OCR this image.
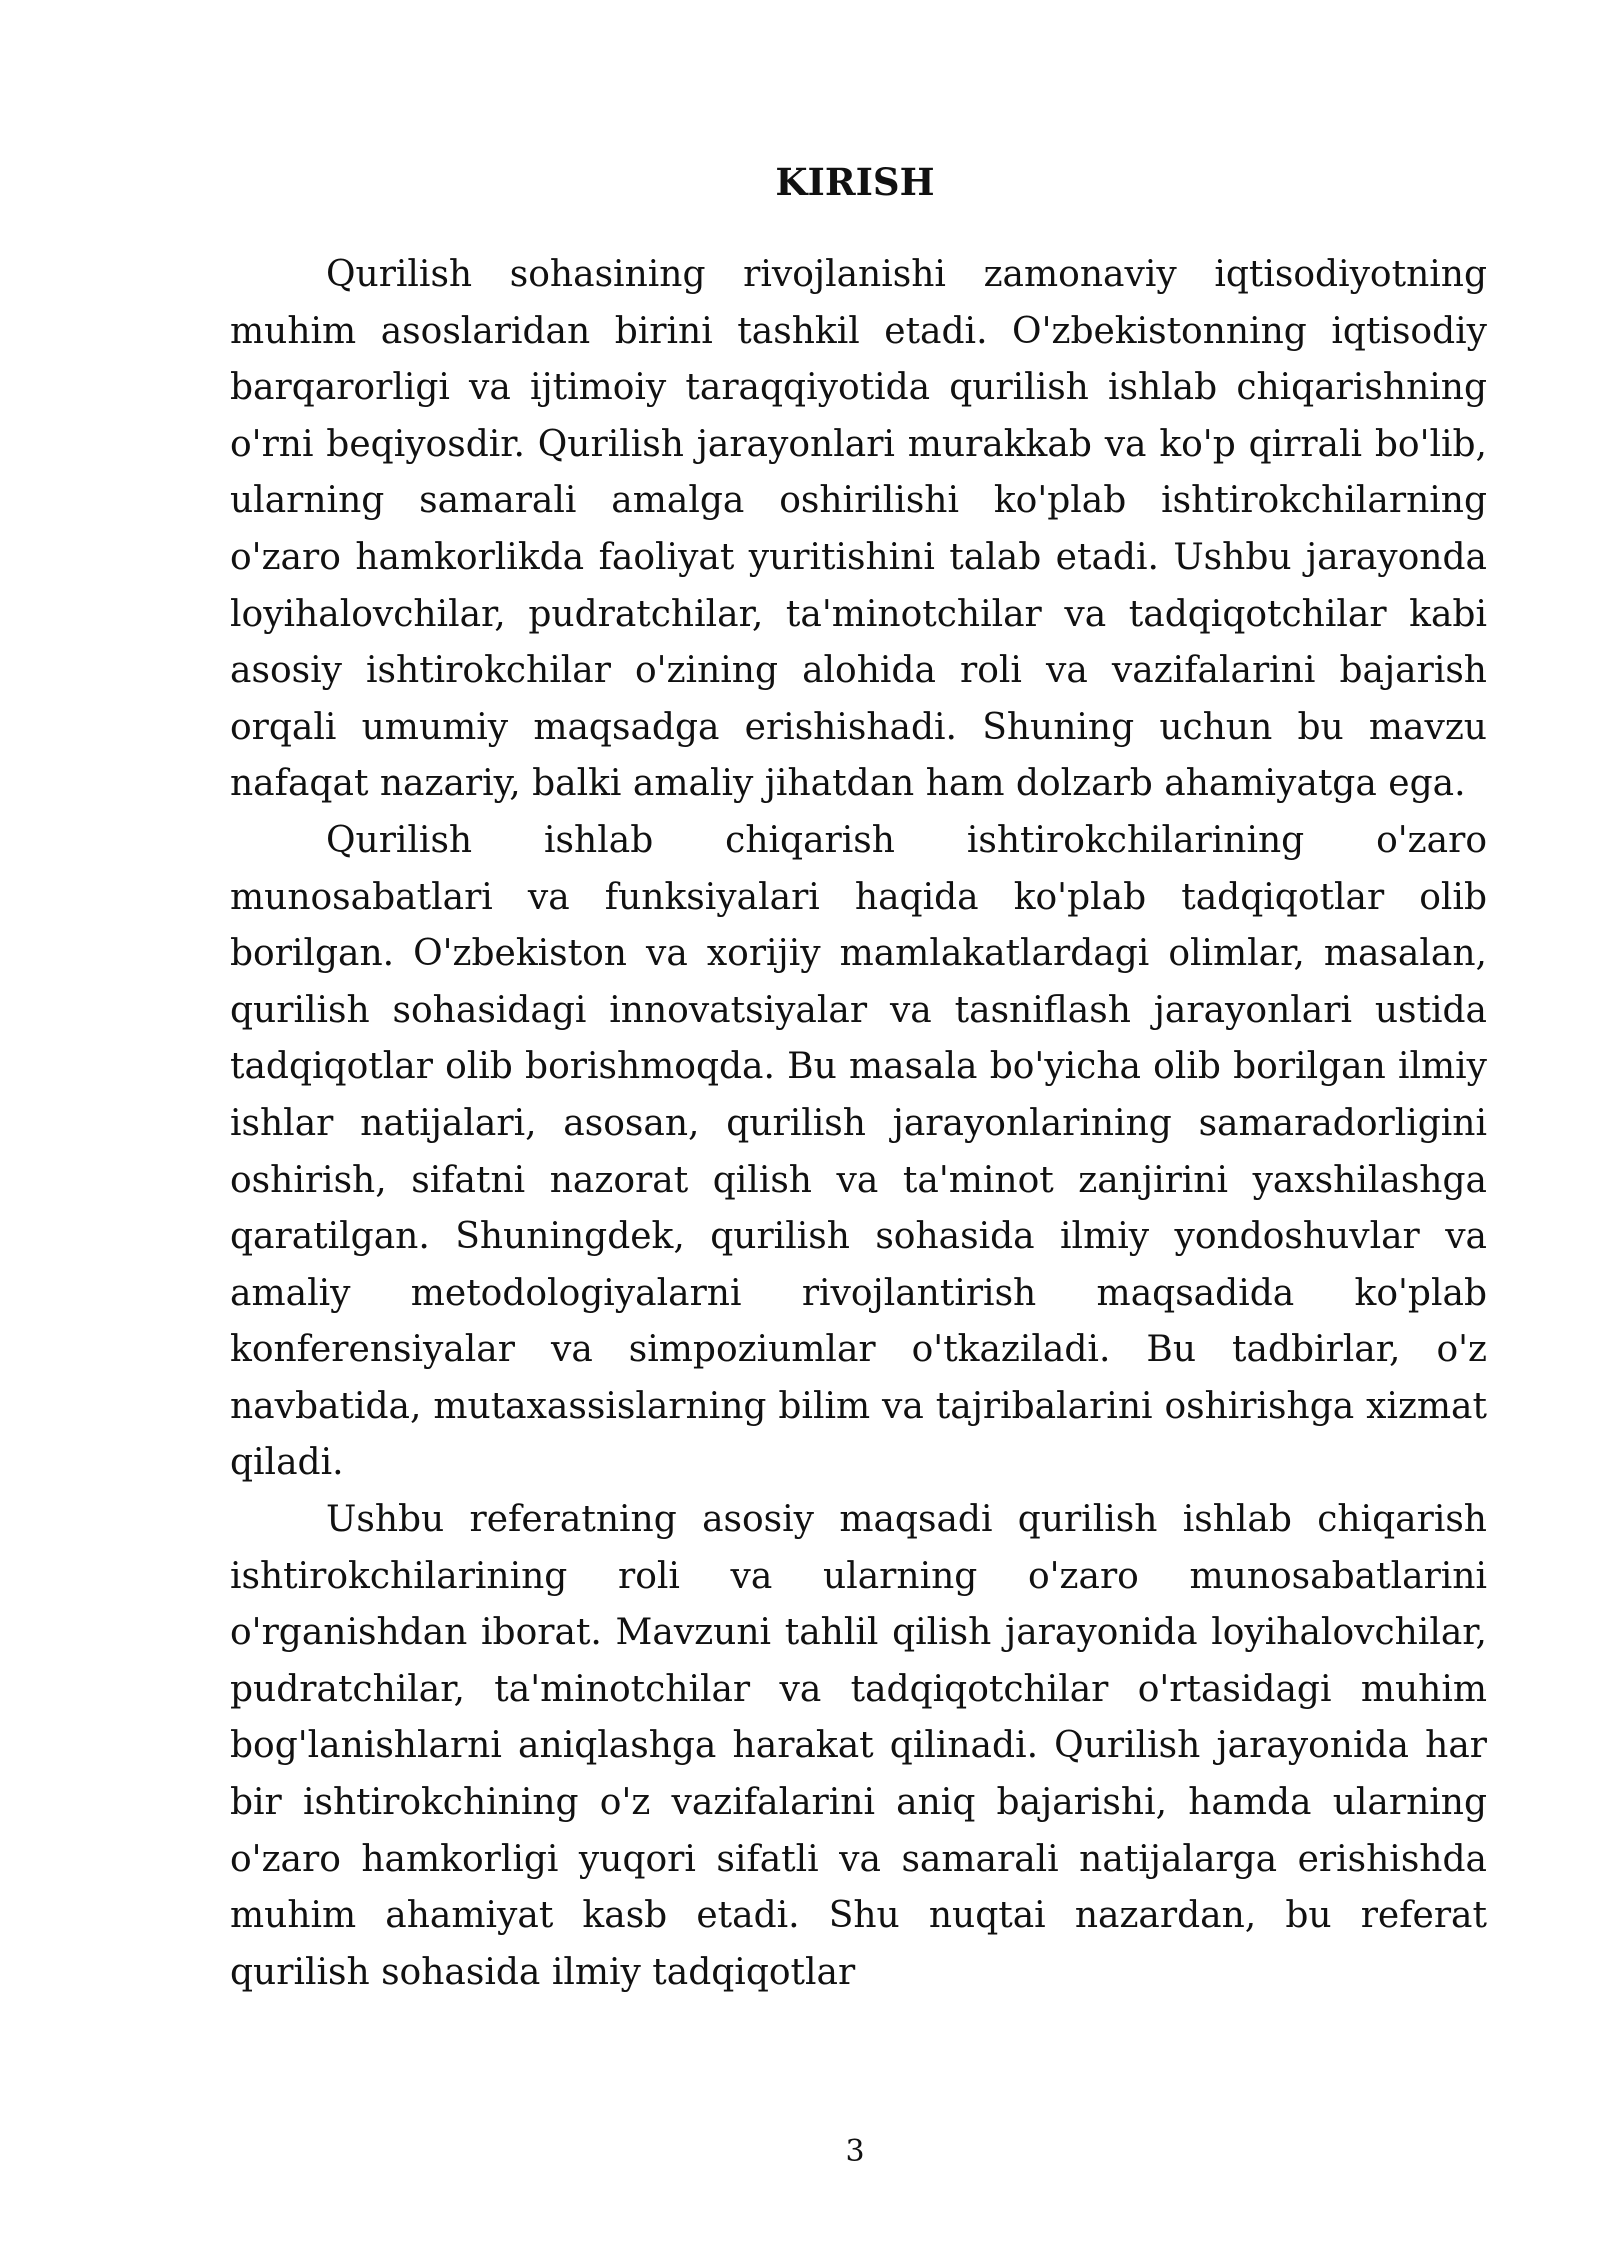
KIRISH

Qurilish sohasining rivojlanishi zamonaviy iqtisodiyotning muhim asoslaridan birini tashkil etadi. O'zbekistonning iqtisodiy barqarorligi va ijtimoiy taraqqiyotida qurilish ishlab chiqarishning o'rni beqiyosdir. Qurilish jarayonlari murakkab va ko'p qirrali bo'lib, ularning samarali amalga oshirilishi ko'plab ishtirokchilarning o'zaro hamkorlikda faoliyat yuritishini talab etadi. Ushbu jarayonda loyihalovchilar, pudratchilar, ta'minotchilar va tadqiqotchilar kabi asosiy ishtirokchilar o'zining alohida roli va vazifalarini bajarish orqali umumiy maqsadga erishishadi. Shuning uchun bu mavzu nafaqat nazariy, balki amaliy jihatdan ham dolzarb ahamiyatga ega.

Qurilish ishlab chiqarish ishtirokchilarining o'zaro munosabatlari va funksiyalari haqida ko'plab tadqiqotlar olib borilgan. O'zbekiston va xorijiy mamlakatlardagi olimlar, masalan, qurilish sohasidagi innovatsiyalar va tasniflash jarayonlari ustida tadqiqotlar olib borishmoqda. Bu masala bo'yicha olib borilgan ilmiy ishlar natijalari, asosan, qurilish jarayonlarining samaradorligini oshirish, sifatni nazorat qilish va ta'minot zanjirini yaxshilashga qaratilgan. Shuningdek, qurilish sohasida ilmiy yondoshuvlar va amaliy metodologiyalarni rivojlantirish maqsadida ko'plab konferensiyalar va simpoziumlar o'tkaziladi. Bu tadbirlar, o'z navbatida, mutaxassislarning bilim va tajribalarini oshirishga xizmat qiladi.

Ushbu referatning asosiy maqsadi qurilish ishlab chiqarish ishtirokchilarining roli va ularning o'zaro munosabatlarini o'rganishdan iborat. Mavzuni tahlil qilish jarayonida loyihalovchilar, pudratchilar, ta'minotchilar va tadqiqotchilar o'rtasidagi muhim bog'lanishlarni aniqlashga harakat qilinadi. Qurilish jarayonida har bir ishtirokchining o'z vazifalarini aniq bajarishi, hamda ularning o'zaro hamkorligi yuqori sifatli va samarali natijalarga erishishda muhim ahamiyat kasb etadi. Shu nuqtai nazardan, bu referat qurilish sohasida ilmiy tadqiqotlar

3
